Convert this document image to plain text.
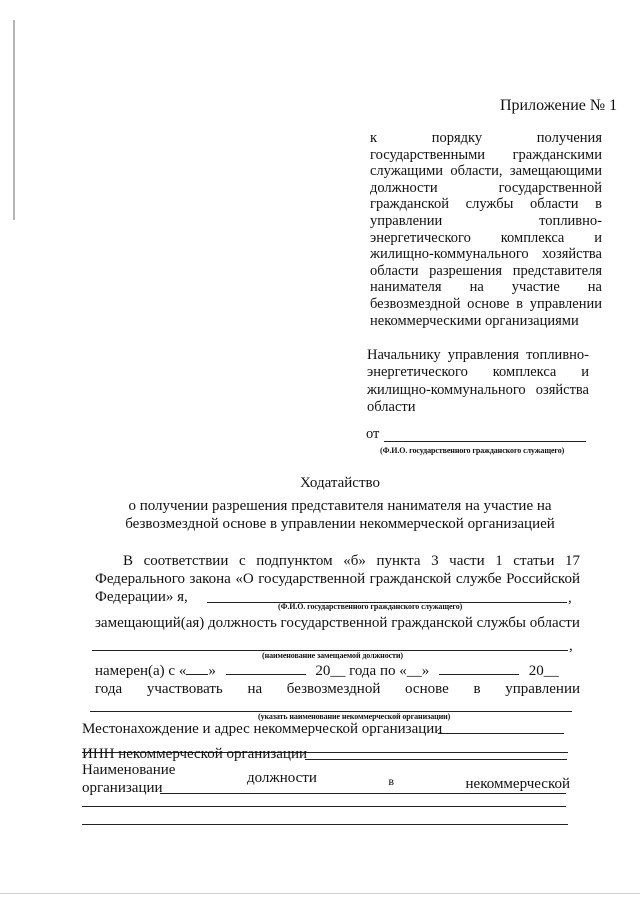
Приложение № 1
к порядку получения
государственными гражданскими
служащими области, замещающими
должности государственной
гражданской службы области в
управлении топливно-
энергетического комплекса и
жилищно-коммунального хозяйства
области разрешения представителя
нанимателя на участие на
безвозмездной основе в управлении
некоммерческими организациями
Начальнику управления топливно-
энергетического комплекса и
жилищно-коммунального озяйства
области
от
(Ф.И.О. государственного гражданского служащего)
Ходатайство
о получении разрешения представителя нанимателя на участие на
безвозмездной основе в управлении некоммерческой организацией
В соответствии с подпунктом «б» пункта 3 части 1 статьи 17
Федерального закона «О государственной гражданской службе Российской
Федерации» я,	,
(Ф.И.О. государственного гражданского служащего)
замещающий(ая) должность государственной гражданской службы области
,
(наименование замещаемой должности)
намерен(а) с « »	20__ года по «__»	20__
года участвовать на безвозмездной основе в управлении
(указать наименование некоммерческой организации)
Местонахождение и адрес некоммерческой организации
ИНН некоммерческой организации
Наименование	должности	в	некоммерческой
организации
